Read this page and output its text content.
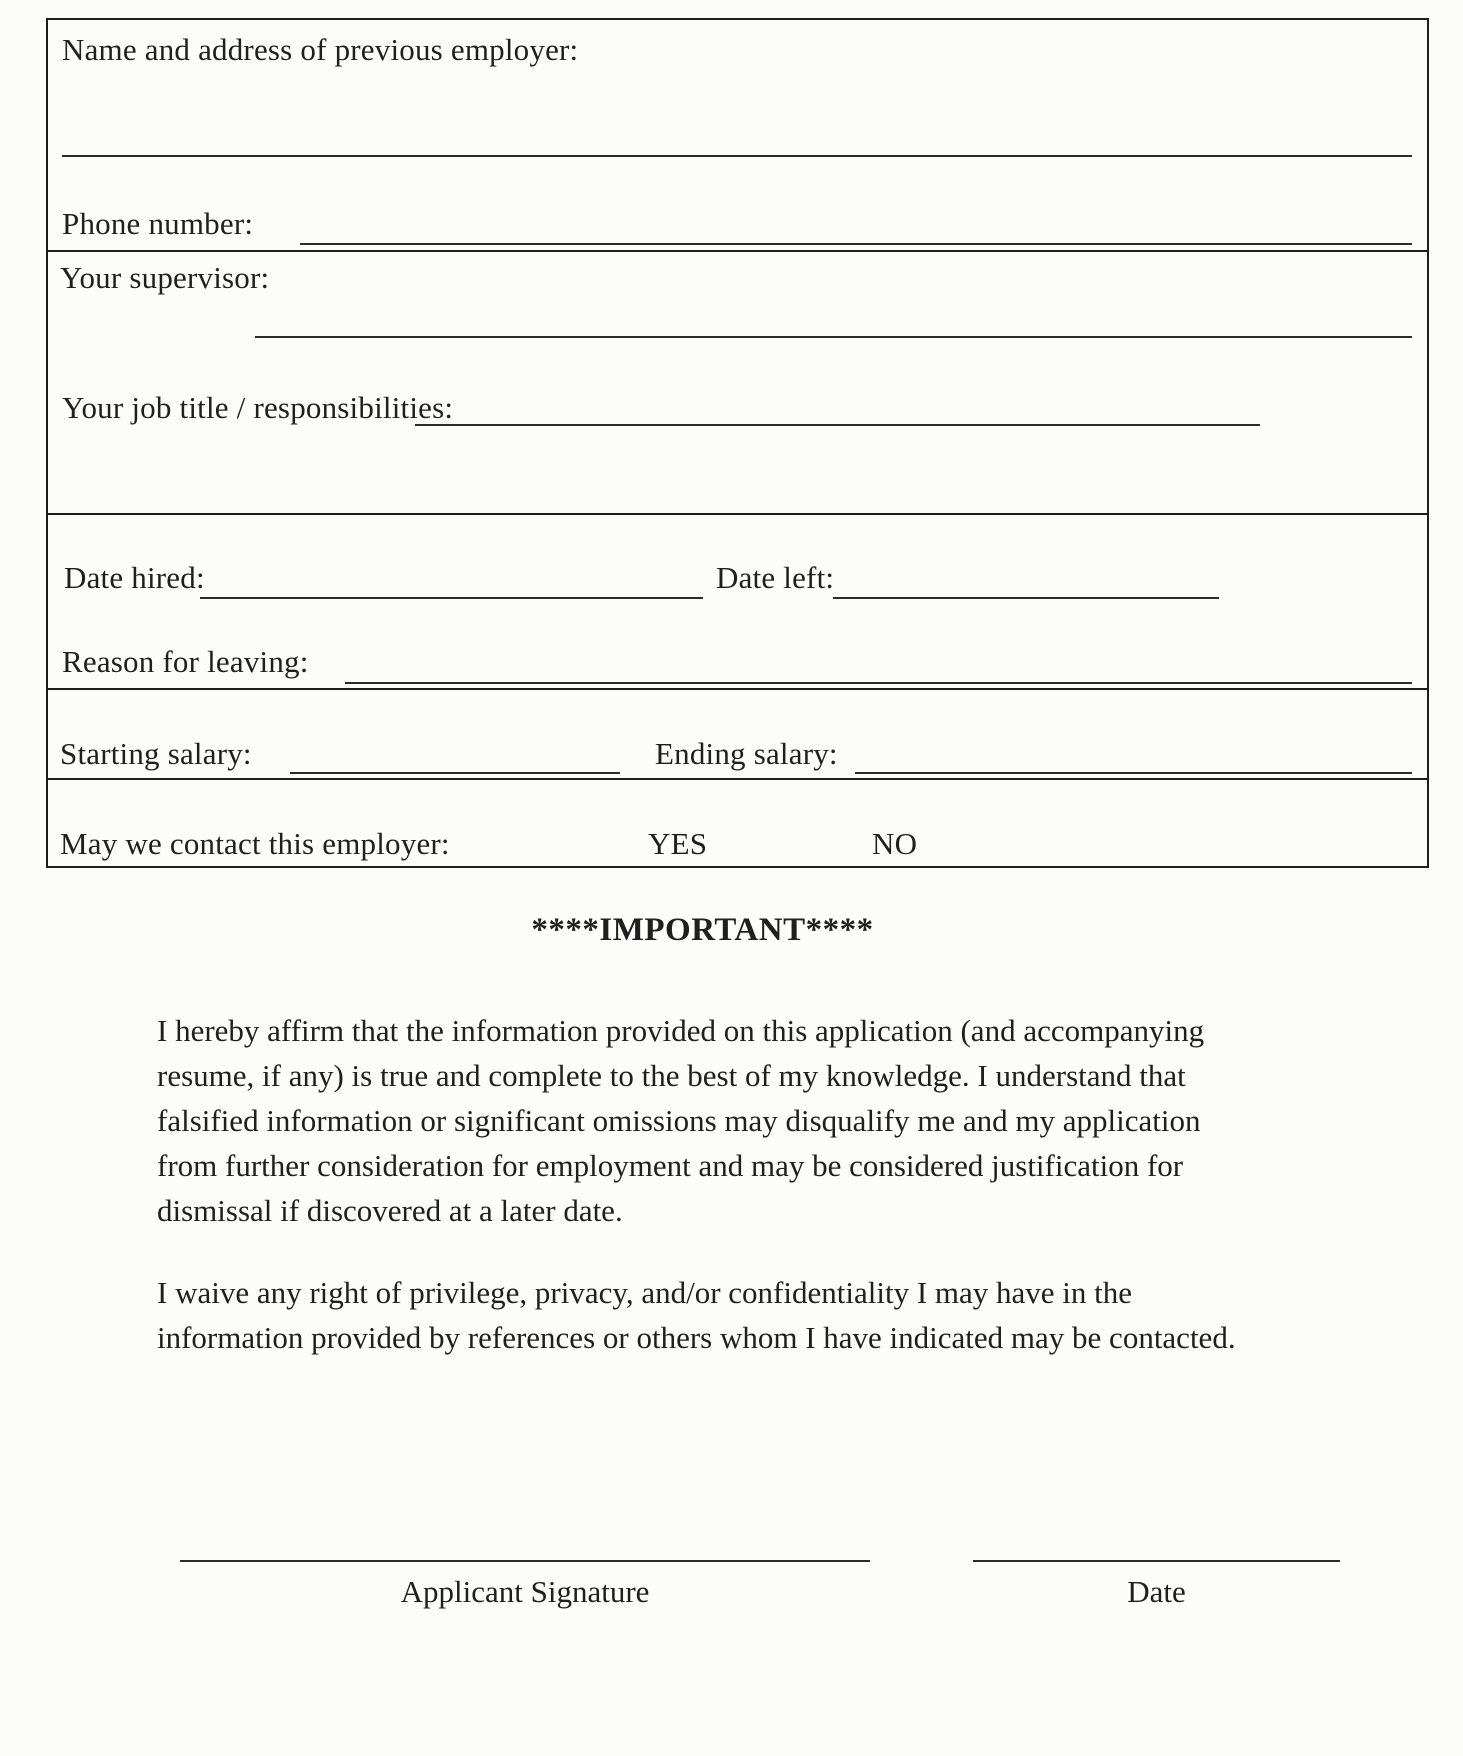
Name and address of previous employer:
Phone number:
Your supervisor:
Your job title / responsibilities:
Date hired:	Date left:
Reason for leaving:
Starting salary:	Ending salary:
May we contact this employer:	YES	NO
****IMPORTANT****
I hereby affirm that the information provided on this application (and accompanying resume, if any) is true and complete to the best of my knowledge. I understand that falsified information or significant omissions may disqualify me and my application from further consideration for employment and may be considered justification for dismissal if discovered at a later date.
I waive any right of privilege, privacy, and/or confidentiality I may have in the information provided by references or others whom I have indicated may be contacted.
Applicant Signature	Date
